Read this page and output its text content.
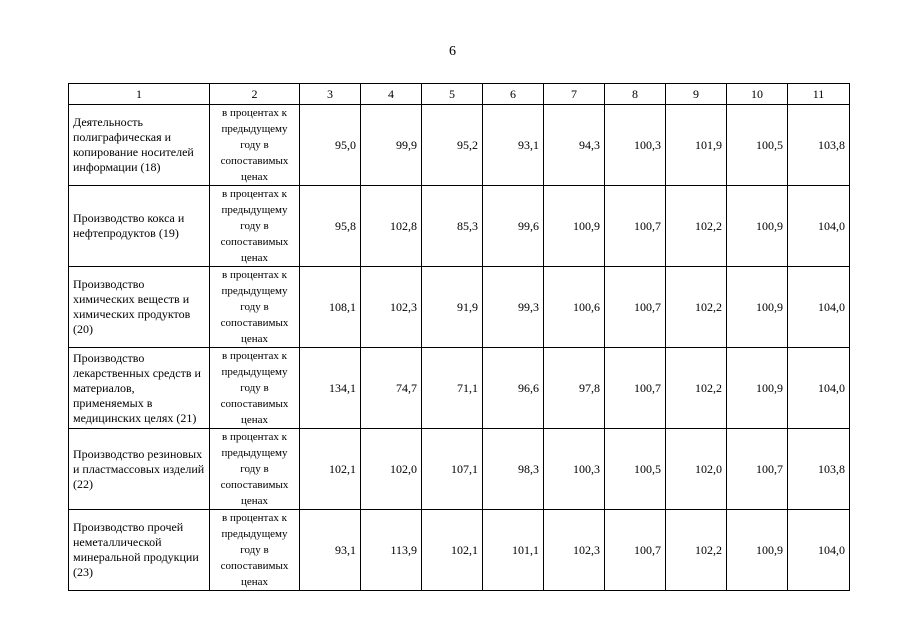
6
1	2	3	4	5	6	7	8	9	10	11
Деятельность полиграфическая и копирование носителей информации (18)	в процентах к предыдущему году в сопоставимых ценах	95,0	99,9	95,2	93,1	94,3	100,3	101,9	100,5	103,8
Производство кокса и нефтепродуктов (19)	в процентах к предыдущему году в сопоставимых ценах	95,8	102,8	85,3	99,6	100,9	100,7	102,2	100,9	104,0
Производство химических веществ и химических продуктов (20)	в процентах к предыдущему году в сопоставимых ценах	108,1	102,3	91,9	99,3	100,6	100,7	102,2	100,9	104,0
Производство лекарственных средств и материалов, применяемых в медицинских целях (21)	в процентах к предыдущему году в сопоставимых ценах	134,1	74,7	71,1	96,6	97,8	100,7	102,2	100,9	104,0
Производство резиновых и пластмассовых изделий (22)	в процентах к предыдущему году в сопоставимых ценах	102,1	102,0	107,1	98,3	100,3	100,5	102,0	100,7	103,8
Производство прочей неметаллической минеральной продукции (23)	в процентах к предыдущему году в сопоставимых ценах	93,1	113,9	102,1	101,1	102,3	100,7	102,2	100,9	104,0
